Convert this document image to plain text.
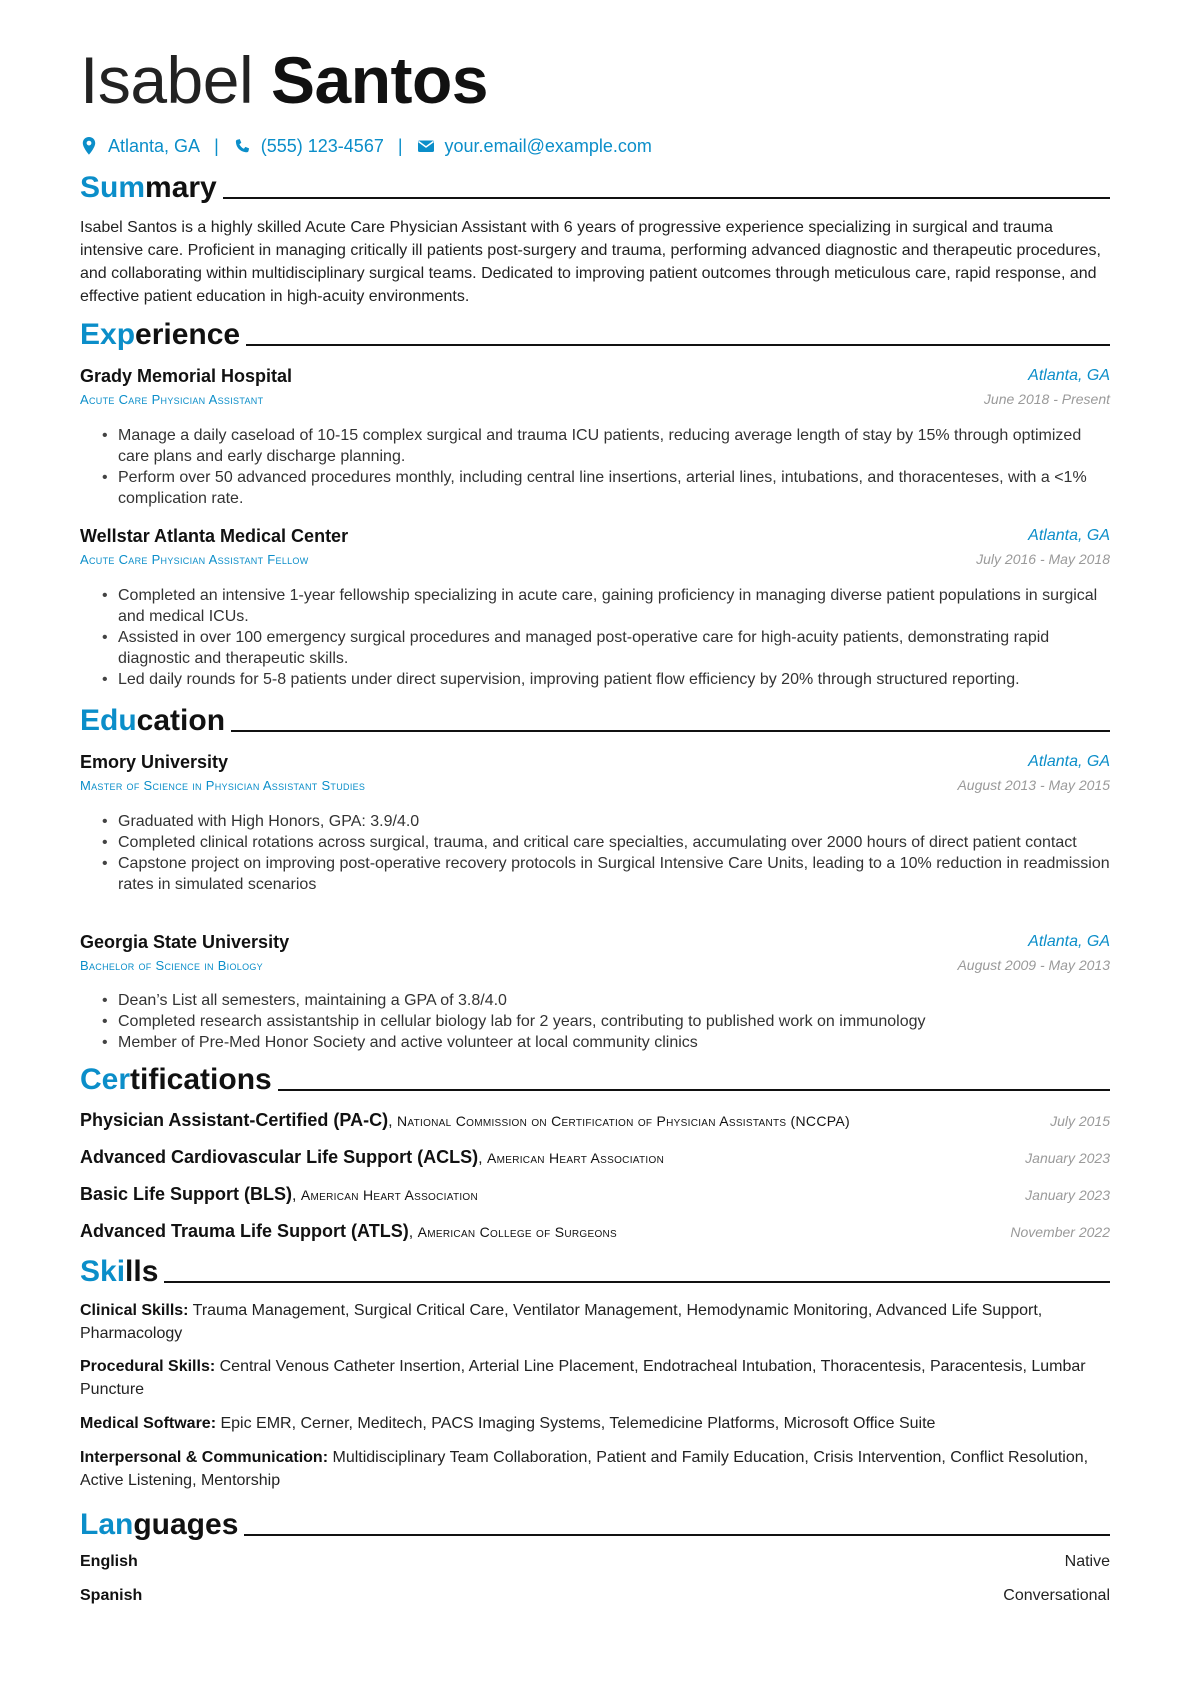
Isabel Santos
Atlanta, GA | (555) 123-4567 | your.email@example.com
Summary
Isabel Santos is a highly skilled Acute Care Physician Assistant with 6 years of progressive experience specializing in surgical and trauma intensive care. Proficient in managing critically ill patients post-surgery and trauma, performing advanced diagnostic and therapeutic procedures, and collaborating within multidisciplinary surgical teams. Dedicated to improving patient outcomes through meticulous care, rapid response, and effective patient education in high-acuity environments.
Experience
Grady Memorial Hospital	Atlanta, GA
Acute Care Physician Assistant	June 2018 - Present
• Manage a daily caseload of 10-15 complex surgical and trauma ICU patients, reducing average length of stay by 15% through optimized care plans and early discharge planning.
• Perform over 50 advanced procedures monthly, including central line insertions, arterial lines, intubations, and thoracenteses, with a <1% complication rate.
Wellstar Atlanta Medical Center	Atlanta, GA
Acute Care Physician Assistant Fellow	July 2016 - May 2018
• Completed an intensive 1-year fellowship specializing in acute care, gaining proficiency in managing diverse patient populations in surgical and medical ICUs.
• Assisted in over 100 emergency surgical procedures and managed post-operative care for high-acuity patients, demonstrating rapid diagnostic and therapeutic skills.
• Led daily rounds for 5-8 patients under direct supervision, improving patient flow efficiency by 20% through structured reporting.
Education
Emory University	Atlanta, GA
Master of Science in Physician Assistant Studies	August 2013 - May 2015
• Graduated with High Honors, GPA: 3.9/4.0
• Completed clinical rotations across surgical, trauma, and critical care specialties, accumulating over 2000 hours of direct patient contact
• Capstone project on improving post-operative recovery protocols in Surgical Intensive Care Units, leading to a 10% reduction in readmission rates in simulated scenarios
Georgia State University	Atlanta, GA
Bachelor of Science in Biology	August 2009 - May 2013
• Dean’s List all semesters, maintaining a GPA of 3.8/4.0
• Completed research assistantship in cellular biology lab for 2 years, contributing to published work on immunology
• Member of Pre-Med Honor Society and active volunteer at local community clinics
Certifications
Physician Assistant-Certified (PA-C), National Commission on Certification of Physician Assistants (NCCPA)	July 2015
Advanced Cardiovascular Life Support (ACLS), American Heart Association	January 2023
Basic Life Support (BLS), American Heart Association	January 2023
Advanced Trauma Life Support (ATLS), American College of Surgeons	November 2022
Skills
Clinical Skills: Trauma Management, Surgical Critical Care, Ventilator Management, Hemodynamic Monitoring, Advanced Life Support, Pharmacology
Procedural Skills: Central Venous Catheter Insertion, Arterial Line Placement, Endotracheal Intubation, Thoracentesis, Paracentesis, Lumbar Puncture
Medical Software: Epic EMR, Cerner, Meditech, PACS Imaging Systems, Telemedicine Platforms, Microsoft Office Suite
Interpersonal & Communication: Multidisciplinary Team Collaboration, Patient and Family Education, Crisis Intervention, Conflict Resolution, Active Listening, Mentorship
Languages
English	Native
Spanish	Conversational
